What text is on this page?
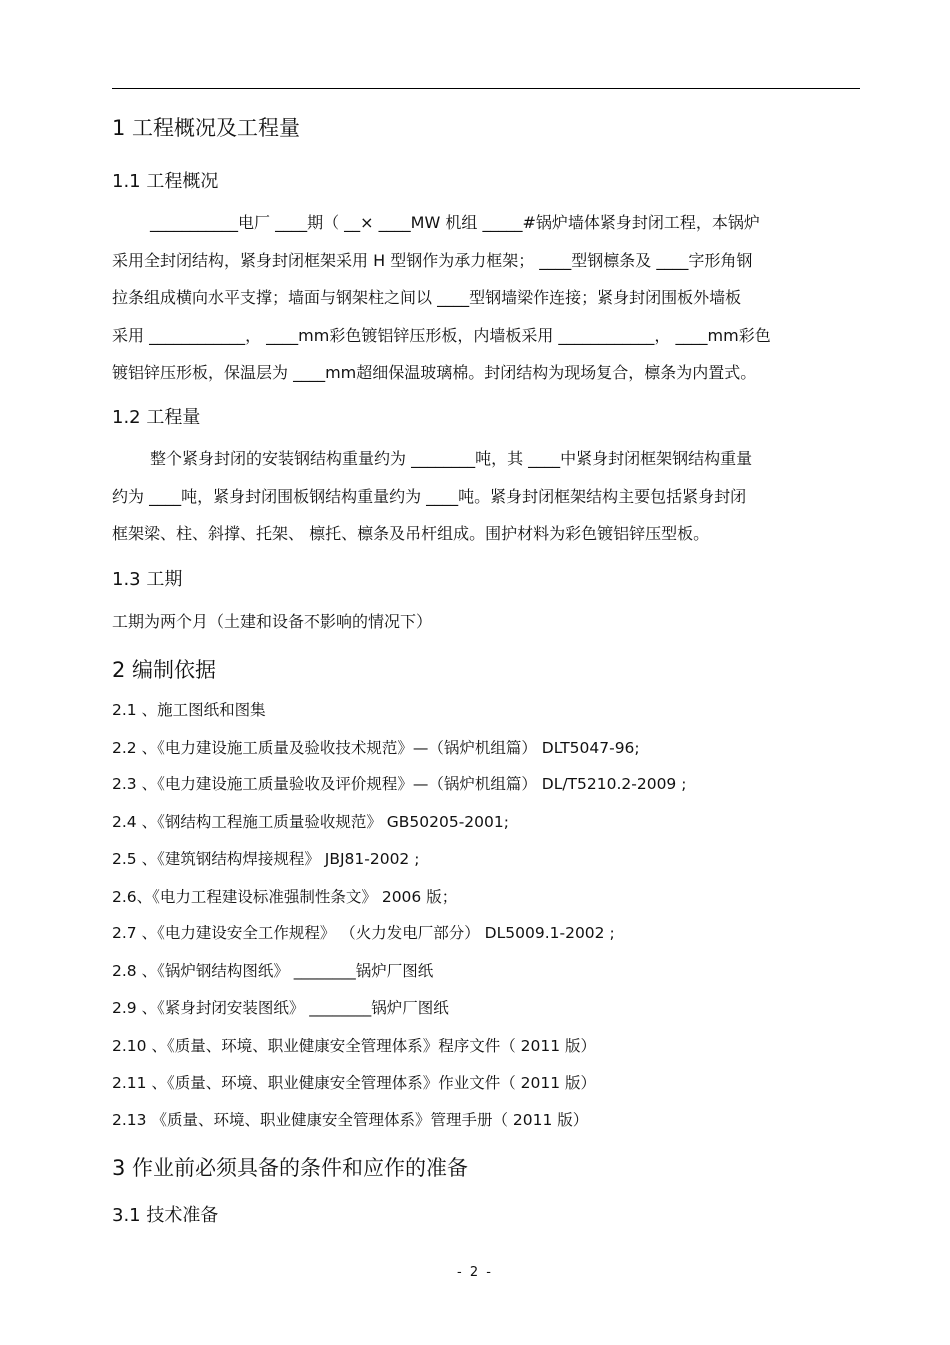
1 工程概况及工程量
1.1 工程概况
___________电厂 ____期（ __× ____MW 机组 _____#锅炉墙体紧身封闭工程，本锅炉
采用全封闭结构，紧身封闭框架采用 H 型钢作为承力框架； ____型钢檩条及 ____字形角钢
拉条组成横向水平支撑；墙面与钢架柱之间以 ____型钢墙梁作连接；紧身封闭围板外墙板
采用 ____________， ____mm彩色镀铝锌压形板，内墙板采用 ____________， ____mm彩色
镀铝锌压形板，保温层为 ____mm超细保温玻璃棉。封闭结构为现场复合，檩条为内置式。
1.2 工程量
整个紧身封闭的安装钢结构重量约为 ________吨，其 ____中紧身封闭框架钢结构重量
约为 ____吨，紧身封闭围板钢结构重量约为 ____吨。紧身封闭框架结构主要包括紧身封闭
框架梁、柱、斜撑、托架、 檩托、檩条及吊杆组成。围护材料为彩色镀铝锌压型板。
1.3 工期
工期为两个月（土建和设备不影响的情况下）
2 编制依据
2.1 、施工图纸和图集
2.2 、《电力建设施工质量及验收技术规范》—（锅炉机组篇） DLT5047-96;
2.3 、《电力建设施工质量验收及评价规程》—（锅炉机组篇） DL/T5210.2-2009 ;
2.4 、《钢结构工程施工质量验收规范》 GB50205-2001;
2.5 、《建筑钢结构焊接规程》 JBJ81-2002 ;
2.6、《电力工程建设标准强制性条文》 2006 版；
2.7 、《电力建设安全工作规程》 （火力发电厂部分） DL5009.1-2002 ;
2.8 、《锅炉钢结构图纸》 ________锅炉厂图纸
2.9 、《紧身封闭安装图纸》 ________锅炉厂图纸
2.10 、《质量、环境、职业健康安全管理体系》程序文件（ 2011 版）
2.11 、《质量、环境、职业健康安全管理体系》作业文件（ 2011 版）
2.13 《质量、环境、职业健康安全管理体系》管理手册（ 2011 版）
3 作业前必须具备的条件和应作的准备
3.1 技术准备
- 2 -
